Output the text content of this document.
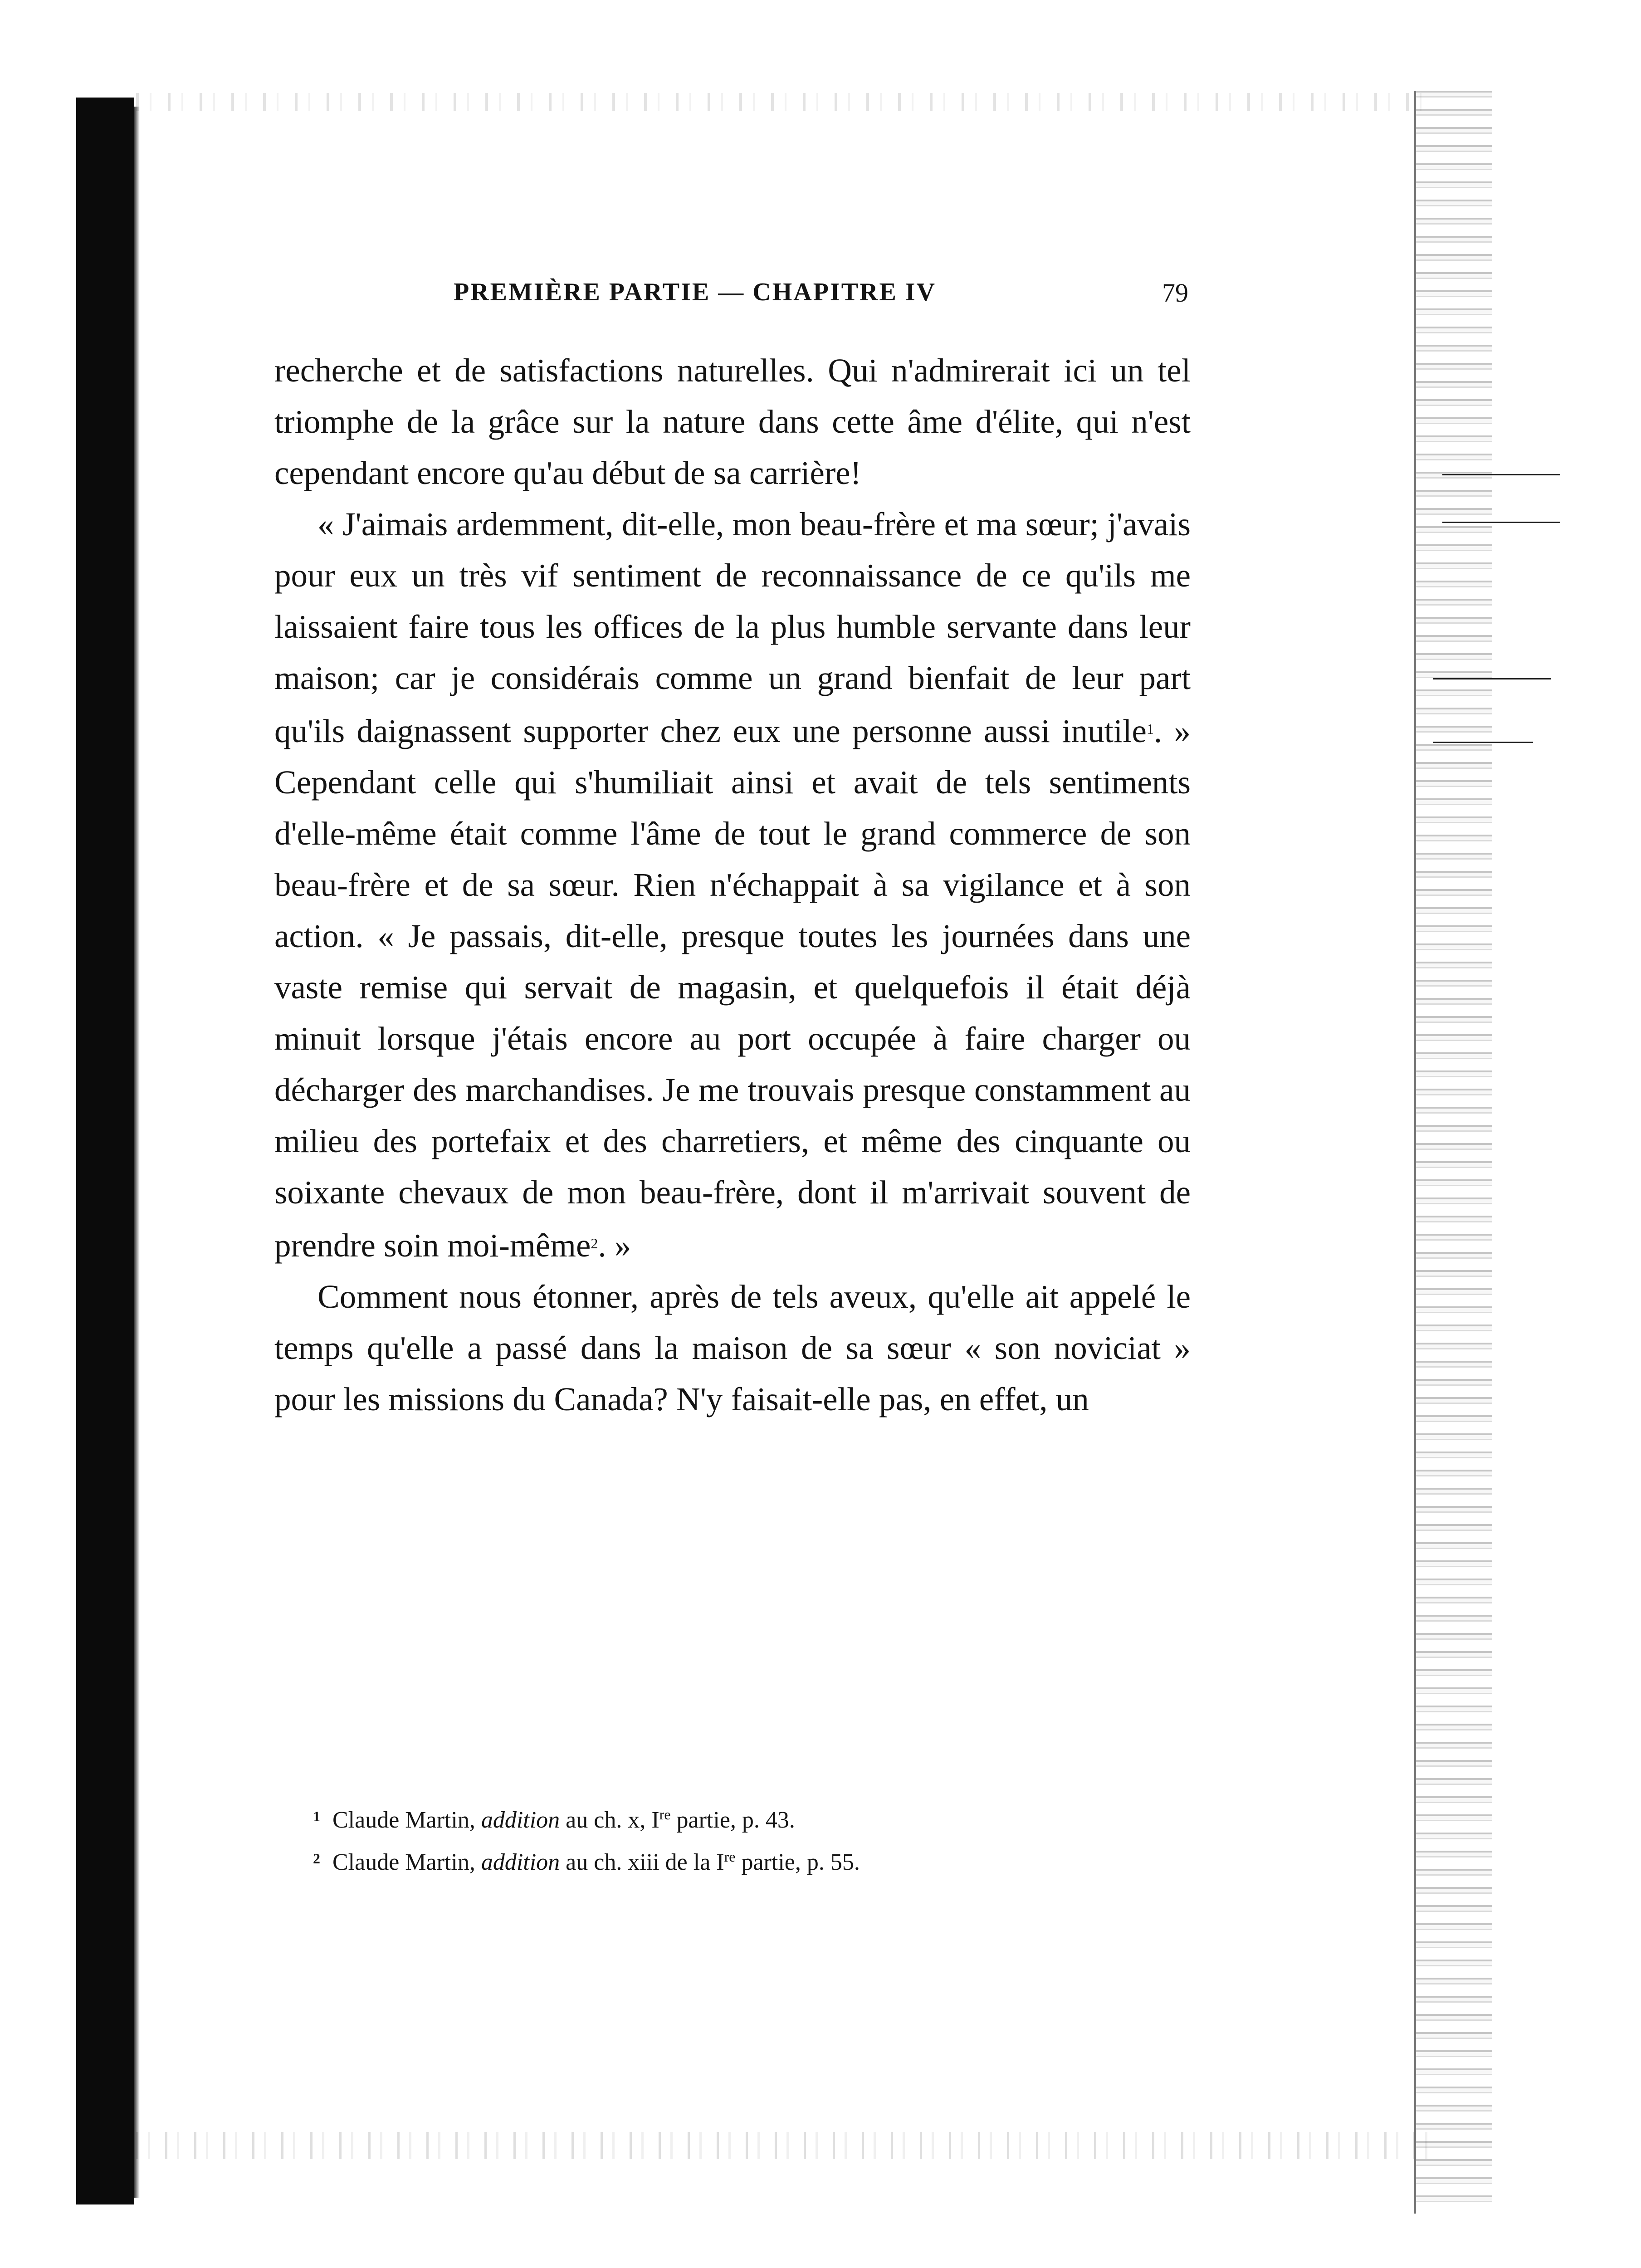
PREMIÈRE PARTIE — CHAPITRE IV	79

recherche et de satisfactions naturelles. Qui n'admirerait ici un tel triomphe de la grâce sur la nature dans cette âme d'élite, qui n'est cependant encore qu'au début de sa carrière!

« J'aimais ardemment, dit-elle, mon beau-frère et ma sœur; j'avais pour eux un très vif sentiment de reconnaissance de ce qu'ils me laissaient faire tous les offices de la plus humble servante dans leur maison; car je considérais comme un grand bienfait de leur part qu'ils daignassent supporter chez eux une personne aussi inutile$^1$. » Cependant celle qui s'humiliait ainsi et avait de tels sentiments d'elle-même était comme l'âme de tout le grand commerce de son beau-frère et de sa sœur. Rien n'échappait à sa vigilance et à son action. « Je passais, dit-elle, presque toutes les journées dans une vaste remise qui servait de magasin, et quelquefois il était déjà minuit lorsque j'étais encore au port occupée à faire charger ou décharger des marchandises. Je me trouvais presque constamment au milieu des portefaix et des charretiers, et même des cinquante ou soixante chevaux de mon beau-frère, dont il m'arrivait souvent de prendre soin moi-même$^2$. »

Comment nous étonner, après de tels aveux, qu'elle ait appelé le temps qu'elle a passé dans la maison de sa sœur « son noviciat » pour les missions du Canada? N'y faisait-elle pas, en effet, un

$^1$ Claude Martin, addition au ch. x, Ire partie, p. 43.
$^2$ Claude Martin, addition au ch. xiii de la Ire partie, p. 55.
